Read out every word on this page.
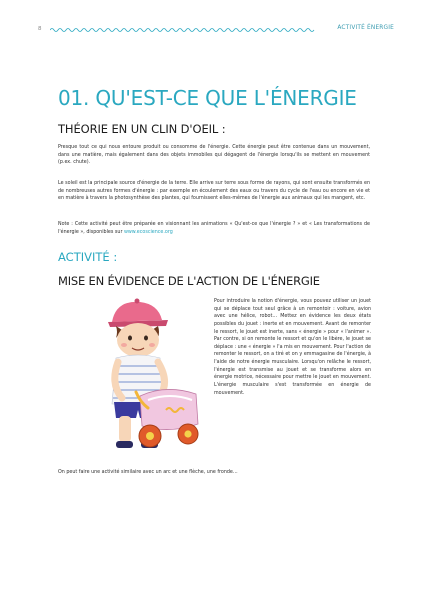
8	ACTIVITÉ ÉNERGIE
01. QU'EST-CE QUE L'ÉNERGIE
THÉORIE EN UN CLIN D'OEIL :

Presque tout ce qui nous entoure produit ou consomme de l'énergie. Cette énergie peut être contenue dans un mouvement, dans une matière, mais également dans des objets immobiles qui dégagent de l'énergie lorsqu'ils se mettent en mouvement (p.ex. chute).

Le soleil est la principale source d'énergie de la terre. Elle arrive sur terre sous forme de rayons, qui sont ensuite transformés en de nombreuses autres formes d'énergie : par exemple en écoulement des eaux ou travers du cycle de l'eau ou encore en vie et en matière à travers la photosynthèse des plantes, qui fournissent elles-mêmes de l'énergie aux animaux qui les mangent, etc.

Note : Cette activité peut être préparée en visionnant les animations « Qu'est-ce que l'énergie ? » et « Les transformations de l'énergie », disponibles sur www.ecoscience.org

ACTIVITÉ :
MISE EN ÉVIDENCE DE L'ACTION DE L'ÉNERGIE

Pour introduire la notion d'énergie, vous pouvez utiliser un jouet qui se déplace tout seul grâce à un remontoir : voiture, avion avec une hélice, robot… Mettez en évidence les deux états possibles du jouet : inerte et en mouvement. Avant de remonter le ressort, le jouet est inerte, sans « énergie » pour « l'animer ». Par contre, si on remonte le ressort et qu'on le libère, le jouet se déplace : une « énergie » l'a mis en mouvement. Pour l'action de remonter le ressort, on a tiré et on y emmagasine de l'énergie, à l'aide de notre énergie musculaire. Lorsqu'on relâche le ressort, l'énergie est transmise au jouet et se transforme alors en énergie motrice, nécessaire pour mettre le jouet en mouvement. L'énergie musculaire s'est transformée en énergie de mouvement.

On peut faire une activité similaire avec un arc et une flèche, une fronde…
